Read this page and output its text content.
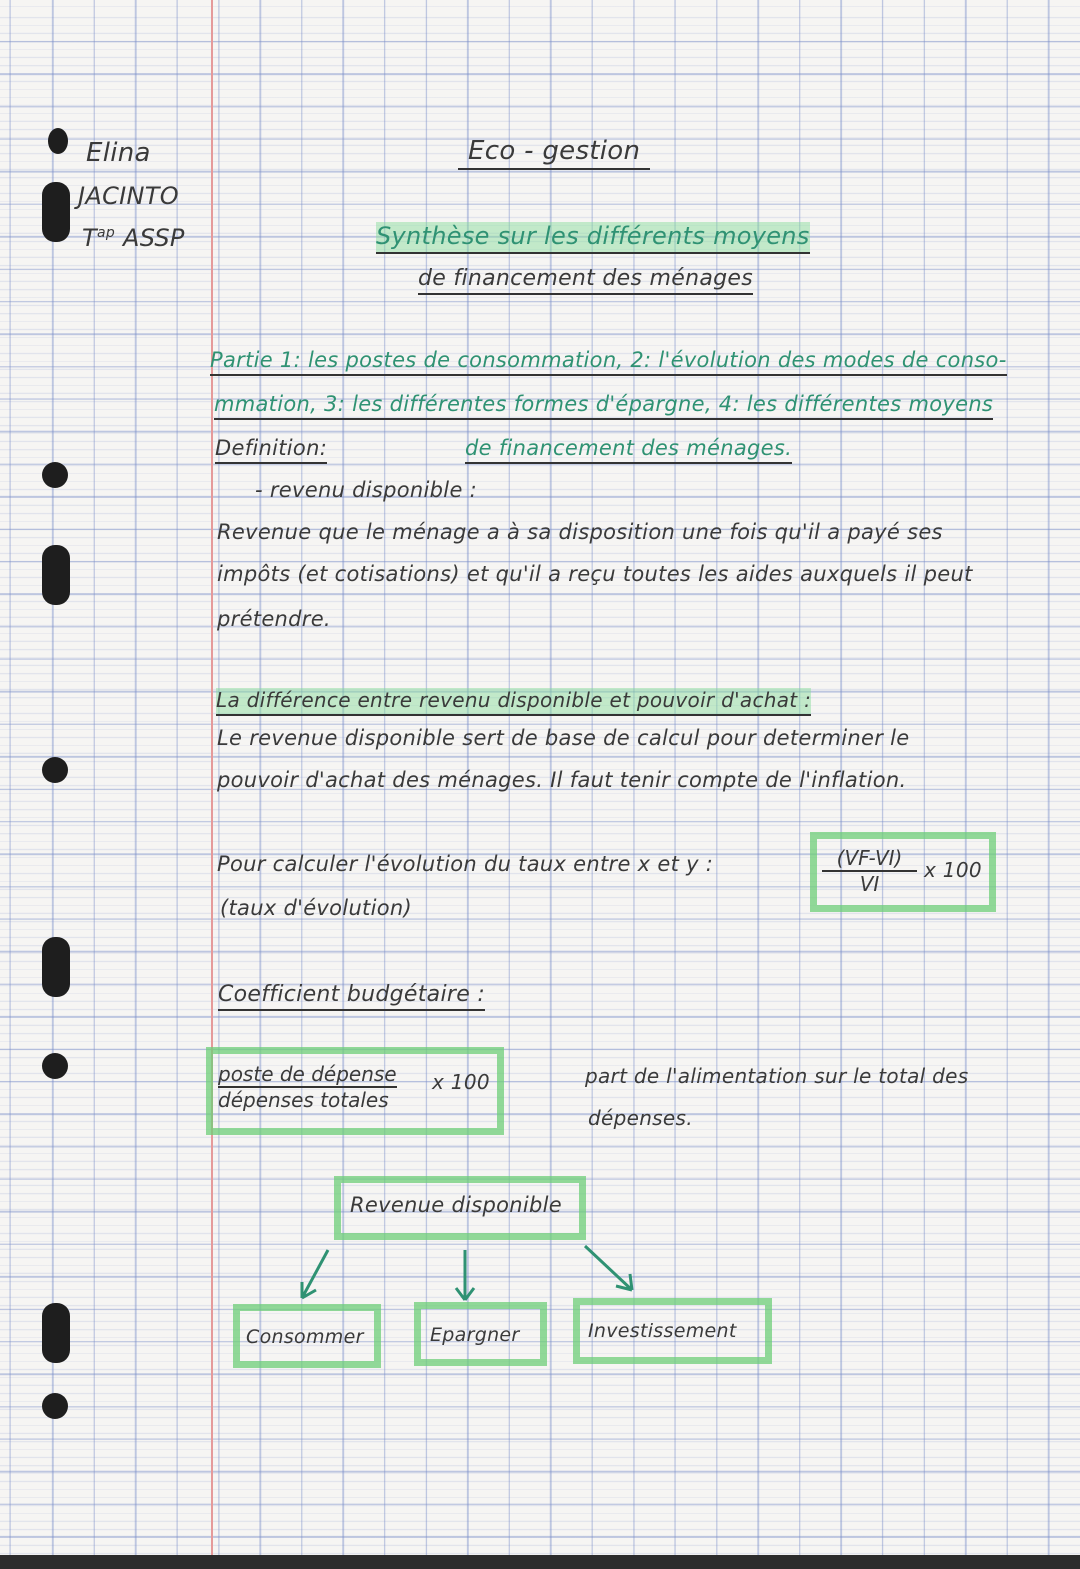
Elina
JACINTO
$T^{ap}$ ASSP
Eco - gestion
Synthèse sur les différents moyens
de financement des ménages
Partie 1: les postes de consommation, 2: l'évolution des modes de conso-
mmation, 3: les différentes formes d'épargne, 4: les différentes moyens
Definition:	de financement des ménages.
- revenu disponible :
Revenue que le ménage a à sa disposition une fois qu'il a payé ses
impôts (et cotisations) et qu'il a reçu toutes les aides auxquels il peut
prétendre.
La différence entre revenu disponible et pouvoir d'achat :
Le revenue disponible sert de base de calcul pour determiner le
pouvoir d'achat des ménages. Il faut tenir compte de l'inflation.
Pour calculer l'évolution du taux entre x et y :
(taux d'évolution)
$\frac{(VF-VI)}{VI}$ x 100
Coefficient budgétaire :
poste de dépense
dépenses totales
x 100	part de l'alimentation sur le total des
dépenses.
Revenue disponible
Consommer	Epargner	Investissement
